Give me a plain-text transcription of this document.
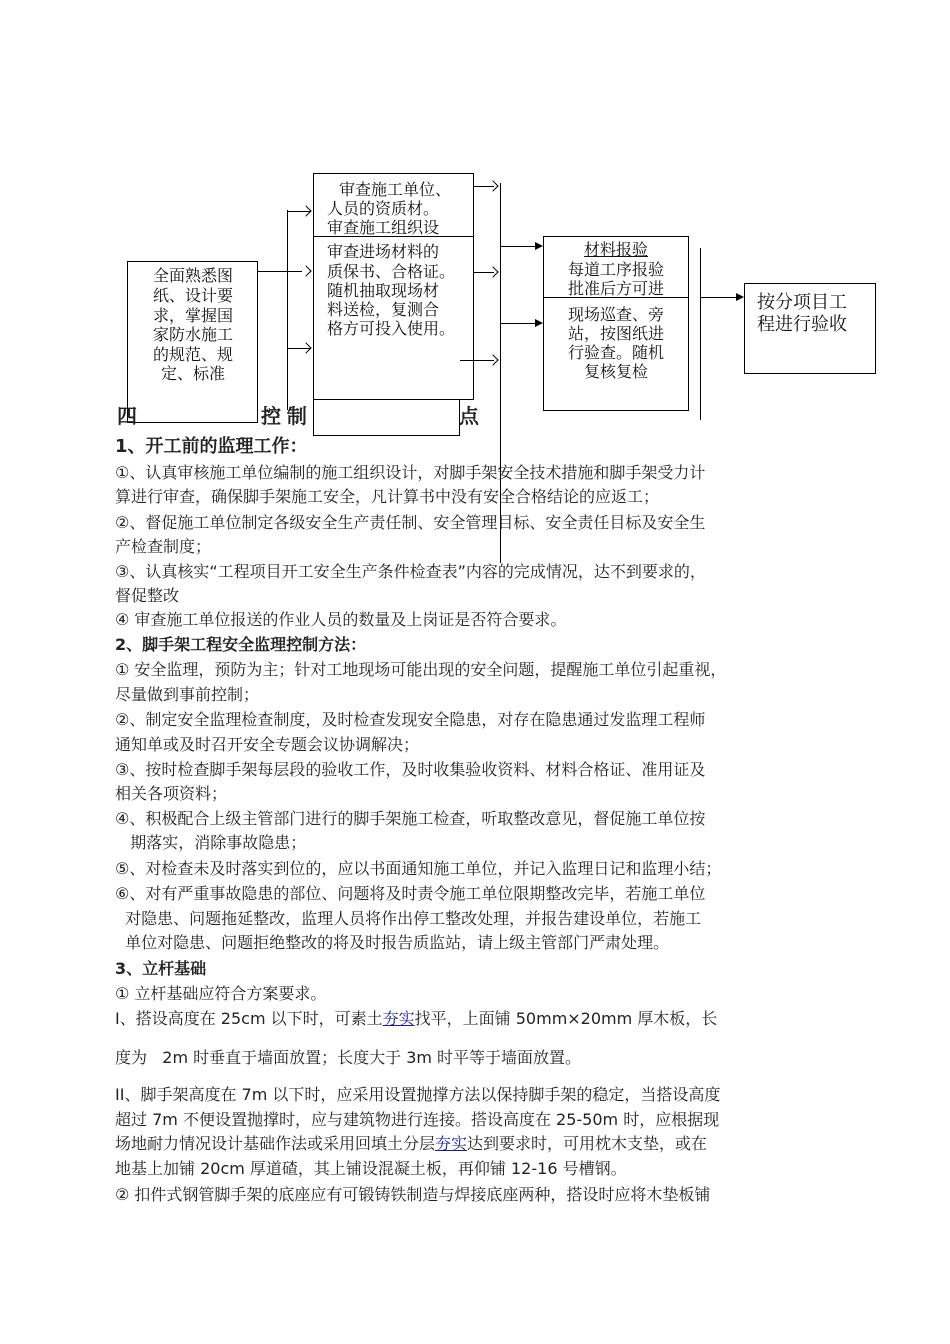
全面熟悉图
纸、设计要
求，掌握国
家防水施工
的规范、规
定、标准
审查施工单位、
人员的资质材。
审查施工组织设
审查进场材料的
质保书、合格证。
随机抽取现场材
料送检，复测合
格方可投入使用。
材料报验
每道工序报验
批准后方可进
现场巡查、旁
站，按图纸进
行验查。随机
复核复检
按分项目工
程进行验收
四	控制	点
1、开工前的监理工作：
①、认真审核施工单位编制的施工组织设计，对脚手架安全技术措施和脚手架受力计
算进行审查，确保脚手架施工安全，凡计算书中没有安全合格结论的应返工；
②、督促施工单位制定各级安全生产责任制、安全管理目标、安全责任目标及安全生
产检查制度；
③、认真核实“工程项目开工安全生产条件检查表”内容的完成情况，达不到要求的，
督促整改
④ 审查施工单位报送的作业人员的数量及上岗证是否符合要求。
2、脚手架工程安全监理控制方法：
① 安全监理，预防为主；针对工地现场可能出现的安全问题，提醒施工单位引起重视，
尽量做到事前控制；
②、制定安全监理检查制度，及时检查发现安全隐患，对存在隐患通过发监理工程师
通知单或及时召开安全专题会议协调解决；
③、按时检查脚手架每层段的验收工作，及时收集验收资料、材料合格证、准用证及
相关各项资料；
④、积极配合上级主管部门进行的脚手架施工检查，听取整改意见，督促施工单位按
期落实，消除事故隐患；
⑤、对检查未及时落实到位的，应以书面通知施工单位，并记入监理日记和监理小结；
⑥、对有严重事故隐患的部位、问题将及时责令施工单位限期整改完毕，若施工单位
对隐患、问题拖延整改，监理人员将作出停工整改处理，并报告建设单位，若施工
单位对隐患、问题拒绝整改的将及时报告质监站，请上级主管部门严肃处理。
3、立杆基础
① 立杆基础应符合方案要求。
I、搭设高度在 25cm 以下时，可素土夯实找平，上面铺 50mm×20mm 厚木板，长
度为   2m 时垂直于墙面放置；长度大于 3m 时平等于墙面放置。
II、脚手架高度在 7m 以下时，应采用设置抛撑方法以保持脚手架的稳定，当搭设高度
超过 7m 不便设置抛撑时，应与建筑物进行连接。搭设高度在 25-50m 时，应根据现
场地耐力情况设计基础作法或采用回填土分层夯实达到要求时，可用枕木支垫，或在
地基上加铺 20cm 厚道碴，其上铺设混凝土板，再仰铺 12-16 号槽钢。
② 扣件式钢管脚手架的底座应有可锻铸铁制造与焊接底座两种，搭设时应将木垫板铺
